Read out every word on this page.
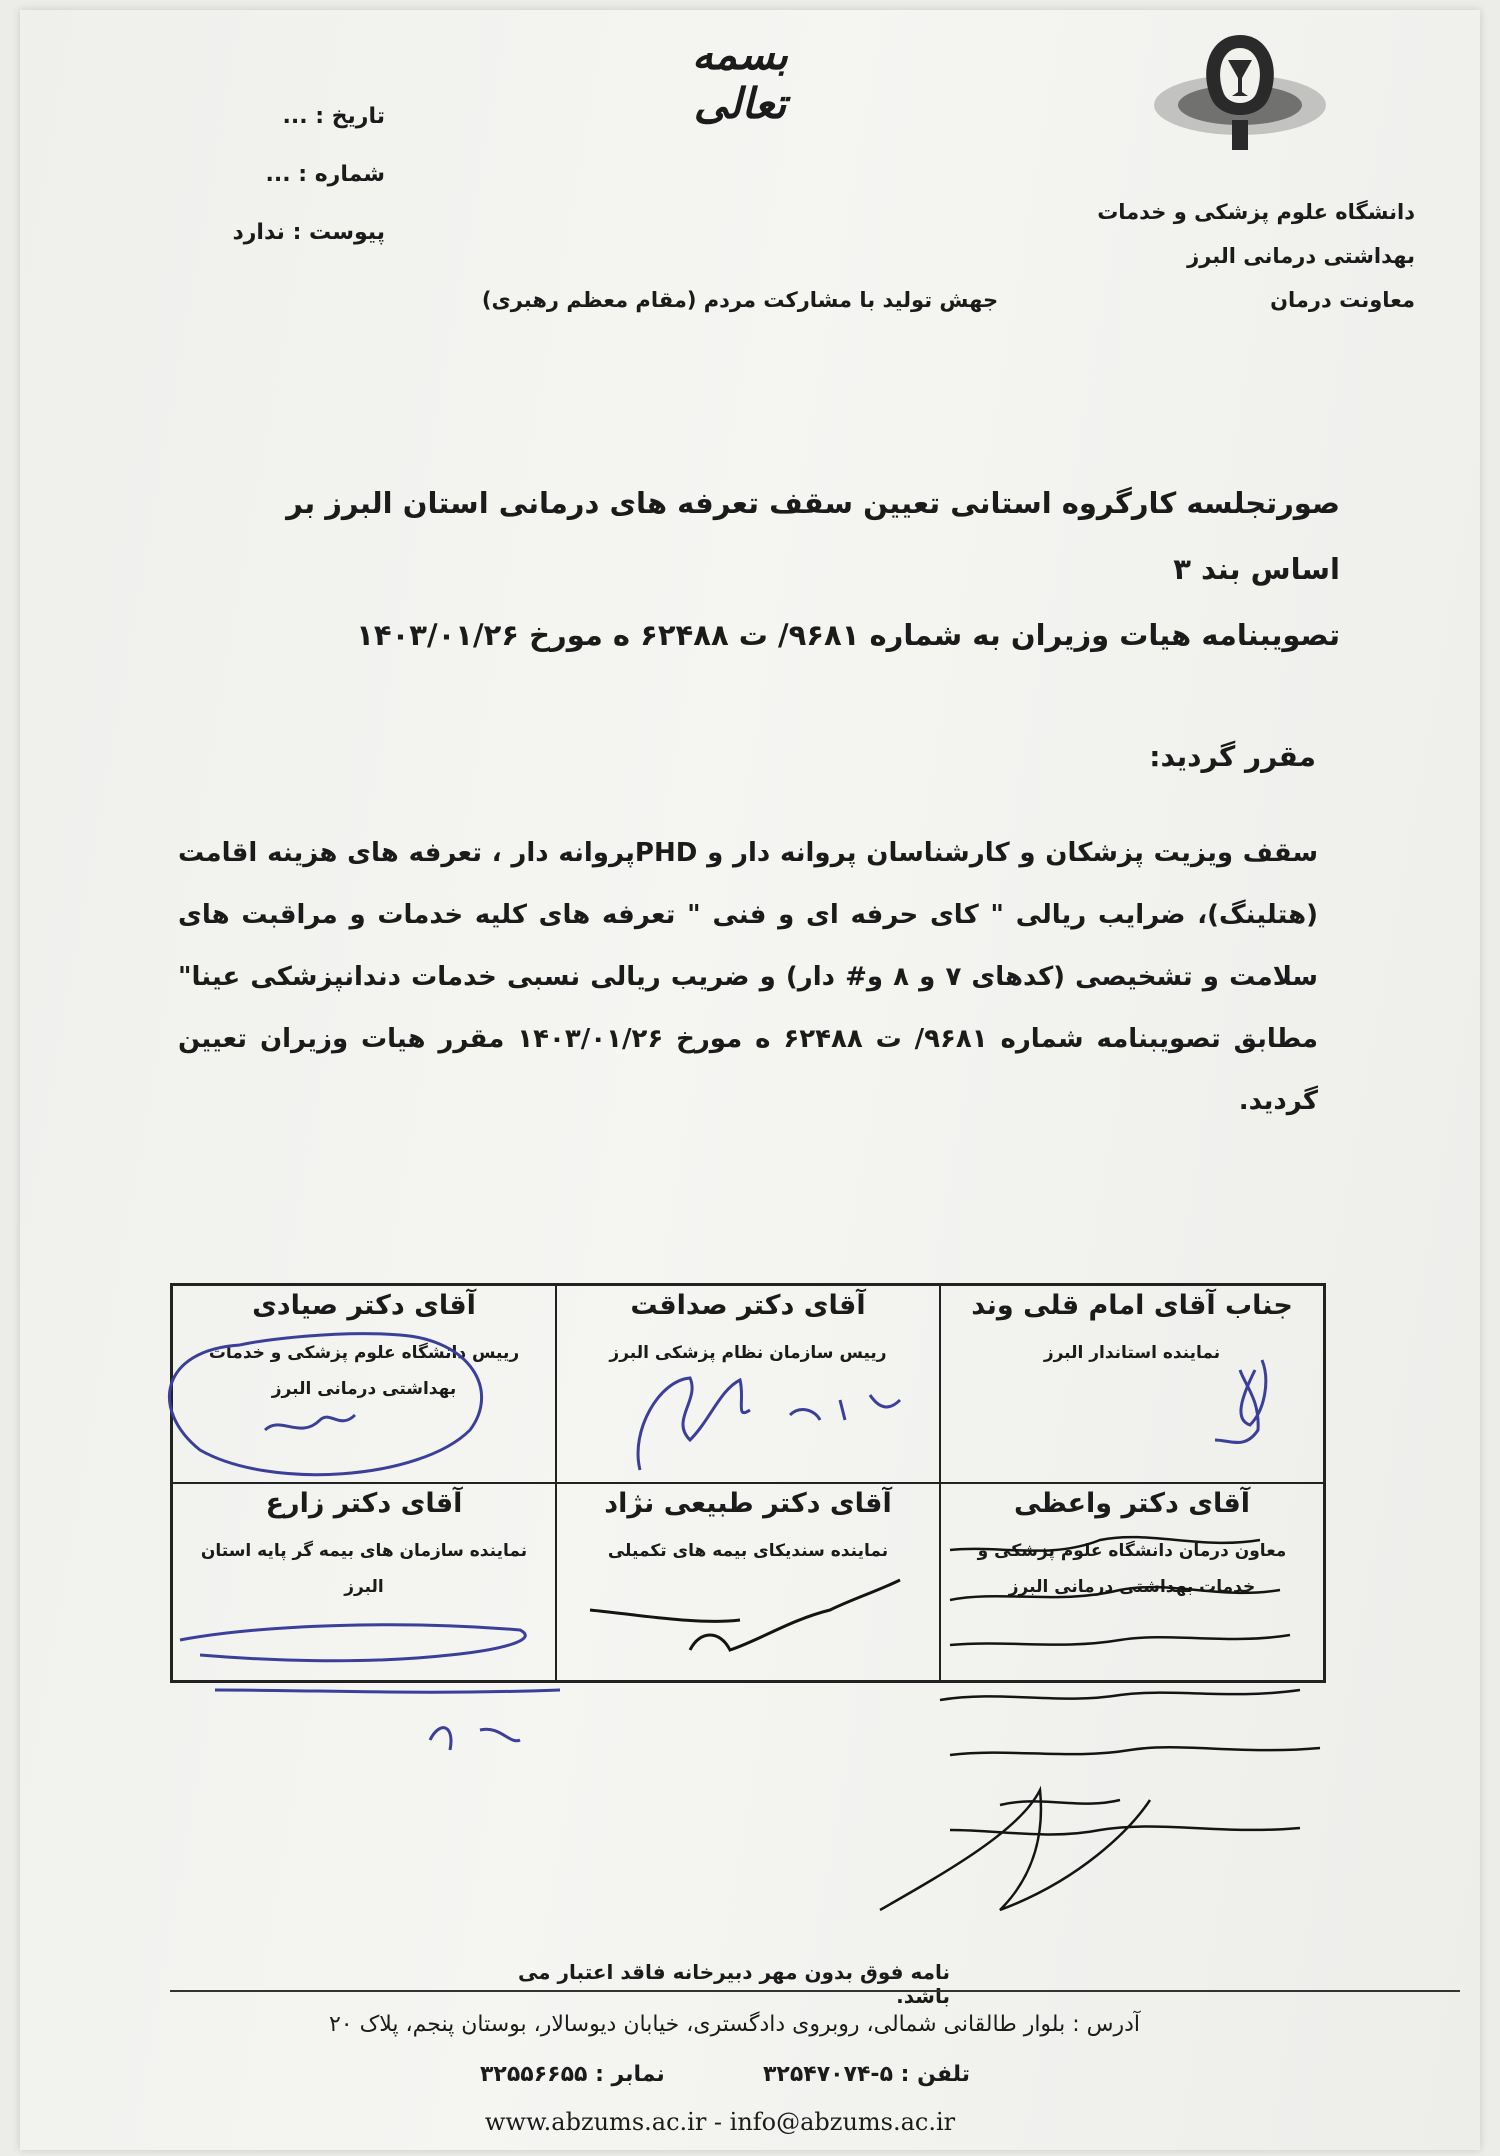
بسمه تعالی
دانشگاه علوم پزشکی و خدمات
بهداشتی درمانی البرز
معاونت درمان
تاریخ : ...
شماره : ...
پیوست : ندارد
جهش تولید با مشارکت مردم (مقام معظم رهبری)
صورتجلسه کارگروه استانی تعیین سقف تعرفه های درمانی استان البرز بر اساس بند ۳
تصویبنامه هیات وزیران به شماره ۹۶۸۱/ ت ۶۲۴۸۸ ه مورخ ۱۴۰۳/۰۱/۲۶
مقرر گردید:
سقف ویزیت پزشکان و کارشناسان پروانه دار و PHDپروانه دار ، تعرفه های هزینه اقامت (هتلینگ)، ضرایب ریالی " کای حرفه ای و فنی " تعرفه های کلیه خدمات و مراقبت های سلامت و تشخیصی (کدهای ۷ و ۸ و# دار) و ضریب ریالی نسبی خدمات دندانپزشکی عینا" مطابق تصویبنامه شماره ۹۶۸۱/ ت ۶۲۴۸۸ ه مورخ ۱۴۰۳/۰۱/۲۶ مقرر هیات وزیران تعیین گردید.
آقای دکتر صیادی
رییس دانشگاه علوم پزشکی و خدمات بهداشتی درمانی البرز
آقای دکتر صداقت
رییس سازمان نظام پزشکی البرز
جناب آقای امام قلی وند
نماینده استاندار البرز
آقای دکتر زارع
نماینده سازمان های بیمه گر پایه استان البرز
آقای دکتر طبیعی نژاد
نماینده سندیکای بیمه های تکمیلی
آقای دکتر واعظی
معاون درمان دانشگاه علوم پزشکی و خدمات بهداشتی درمانی البرز
نامه فوق بدون مهر دبیرخانه فاقد اعتبار می باشد.
آدرس : بلوار طالقانی شمالی، روبروی دادگستری، خیابان دیوسالار، بوستان پنجم، پلاک ۲۰
تلفن : ۵-۳۲۵۴۷۰۷۴
نمابر : ۳۲۵۵۶۶۵۵
www.abzums.ac.ir - info@abzums.ac.ir
